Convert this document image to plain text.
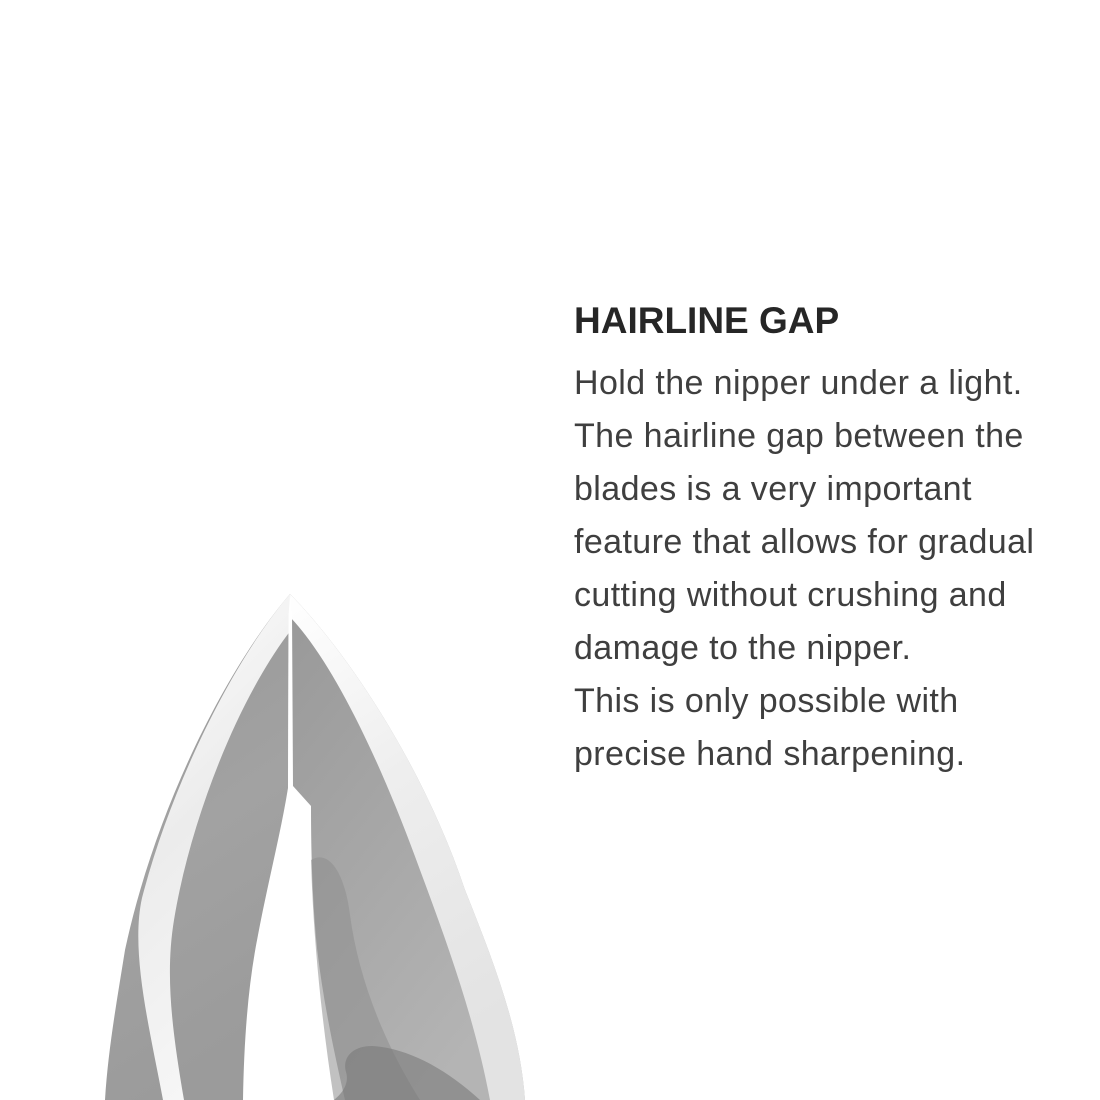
HAIRLINE GAP

Hold the nipper under a light.

The hairline gap between the

blades is a very important

feature that allows for gradual

cutting without crushing and

damage to the nipper.

This is only possible with

precise hand sharpening.
